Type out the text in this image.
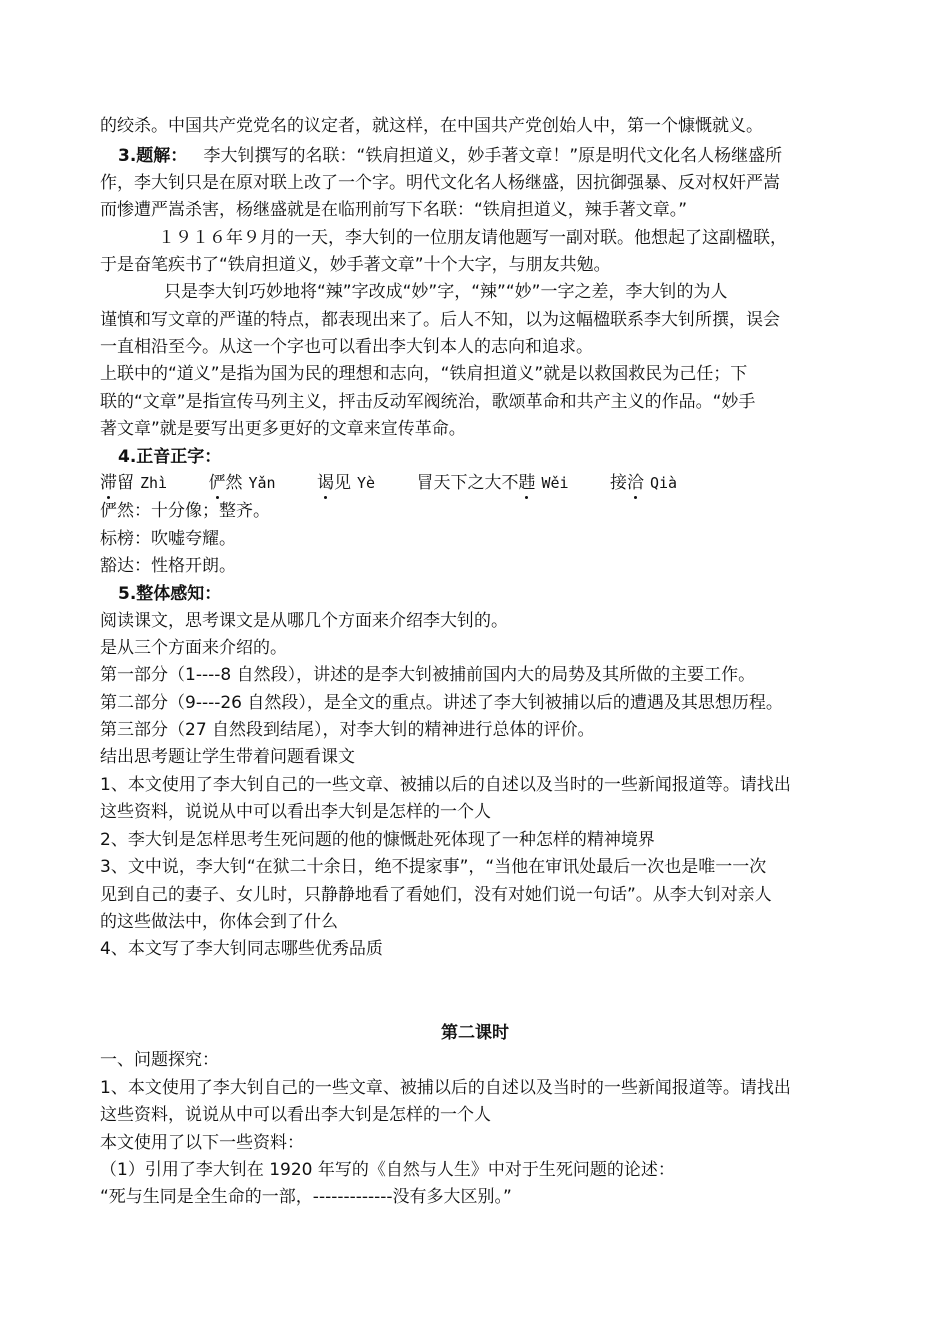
的绞杀。中国共产党党名的议定者，就这样，在中国共产党创始人中，第一个慷慨就义。
3.题解： 李大钊撰写的名联：“铁肩担道义，妙手著文章！”原是明代文化名人杨继盛所
作，李大钊只是在原对联上改了一个字。明代文化名人杨继盛，因抗御强暴、反对权奸严嵩
而惨遭严嵩杀害，杨继盛就是在临刑前写下名联：“铁肩担道义，辣手著文章。”
１９１６年９月的一天，李大钊的一位朋友请他题写一副对联。他想起了这副楹联，
于是奋笔疾书了“铁肩担道义，妙手著文章”十个大字，与朋友共勉。
只是李大钊巧妙地将“辣”字改成“妙”字，“辣”“妙”一字之差，李大钊的为人
谨慎和写文章的严谨的特点，都表现出来了。后人不知，以为这幅楹联系李大钊所撰，误会
一直相沿至今。从这一个字也可以看出李大钊本人的志向和追求。
上联中的“道义”是指为国为民的理想和志向，“铁肩担道义”就是以救国救民为己任；下
联的“文章”是指宣传马列主义，抨击反动军阀统治，歌颂革命和共产主义的作品。“妙手
著文章”就是要写出更多更好的文章来宣传革命。
4.正音正字：
滞留 Zhì 俨然 Yǎn 谒见 Yè 冒天下之大不韪 Wěi 接洽 Qià
俨然：十分像；整齐。
标榜：吹嘘夸耀。
豁达：性格开朗。
5.整体感知：
阅读课文，思考课文是从哪几个方面来介绍李大钊的。
是从三个方面来介绍的。
第一部分（1----8 自然段），讲述的是李大钊被捕前国内大的局势及其所做的主要工作。
第二部分（9----26 自然段），是全文的重点。讲述了李大钊被捕以后的遭遇及其思想历程。
第三部分（27 自然段到结尾），对李大钊的精神进行总体的评价。
结出思考题让学生带着问题看课文
1、本文使用了李大钊自己的一些文章、被捕以后的自述以及当时的一些新闻报道等。请找出
这些资料，说说从中可以看出李大钊是怎样的一个人
2、李大钊是怎样思考生死问题的他的慷慨赴死体现了一种怎样的精神境界
3、文中说，李大钊“在狱二十余日，绝不提家事”，“当他在审讯处最后一次也是唯一一次
见到自己的妻子、女儿时，只静静地看了看她们，没有对她们说一句话”。从李大钊对亲人
的这些做法中，你体会到了什么
4、本文写了李大钊同志哪些优秀品质
第二课时
一、问题探究：
1、本文使用了李大钊自己的一些文章、被捕以后的自述以及当时的一些新闻报道等。请找出
这些资料，说说从中可以看出李大钊是怎样的一个人
本文使用了以下一些资料：
（1）引用了李大钊在 1920 年写的《自然与人生》中对于生死问题的论述：
“死与生同是全生命的一部，-------------没有多大区别。”
